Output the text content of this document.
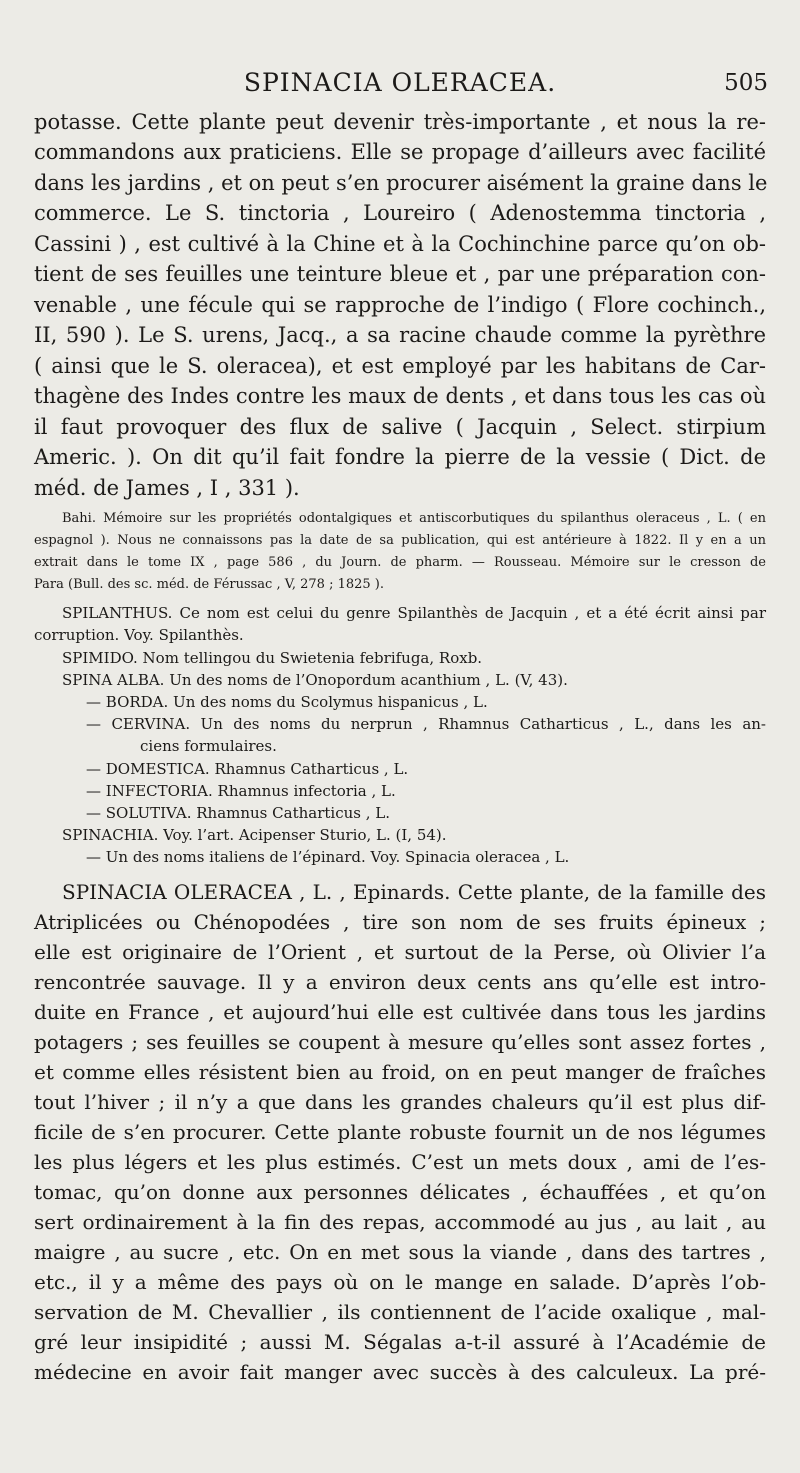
SPINACIA OLERACEA.	505
potasse. Cette plante peut devenir très-importante , et nous la re-
commandons aux praticiens. Elle se propage d’ailleurs avec facilité
dans les jardins , et on peut s’en procurer aisément la graine dans le
commerce. Le S. tinctoria , Loureiro ( Adenostemma tinctoria ,
Cassini ) , est cultivé à la Chine et à la Cochinchine parce qu’on ob-
tient de ses feuilles une teinture bleue et , par une préparation con-
venable , une fécule qui se rapproche de l’indigo ( Flore cochinch.,
II, 590 ). Le S. urens, Jacq., a sa racine chaude comme la pyrèthre
( ainsi que le S. oleracea), et est employé par les habitans de Car-
thagène des Indes contre les maux de dents , et dans tous les cas où
il faut provoquer des flux de salive ( Jacquin , Select. stirpium
Americ. ). On dit qu’il fait fondre la pierre de la vessie ( Dict. de
méd. de James , I , 331 ).
Bahi. Mémoire sur les propriétés odontalgiques et antiscorbutiques du spilanthus oleraceus , L. ( en
espagnol ). Nous ne connaissons pas la date de sa publication, qui est antérieure à 1822. Il y en a un
extrait dans le tome IX , page 586 , du Journ. de pharm. — Rousseau. Mémoire sur le cresson de
Para (Bull. des sc. méd. de Férussac , V, 278 ; 1825 ).
SPILANTHUS. Ce nom est celui du genre Spilanthès de Jacquin , et a été écrit ainsi par
corruption. Voy. Spilanthès.
SPIMIDO. Nom tellingou du Swietenia febrifuga, Roxb.
SPINA ALBA. Un des noms de l’Onopordum acanthium , L. (V, 43).
— BORDA. Un des noms du Scolymus hispanicus , L.
— CERVINA. Un des noms du nerprun , Rhamnus Catharticus , L., dans les an-
ciens formulaires.
— DOMESTICA. Rhamnus Catharticus , L.
— INFECTORIA. Rhamnus infectoria , L.
— SOLUTIVA. Rhamnus Catharticus , L.
SPINACHIA. Voy. l’art. Acipenser Sturio, L. (I, 54).
— Un des noms italiens de l’épinard. Voy. Spinacia oleracea , L.
SPINACIA OLERACEA , L. , Epinards. Cette plante, de la famille des
Atriplicées ou Chénopodées , tire son nom de ses fruits épineux ;
elle est originaire de l’Orient , et surtout de la Perse, où Olivier l’a
rencontrée sauvage. Il y a environ deux cents ans qu’elle est intro-
duite en France , et aujourd’hui elle est cultivée dans tous les jardins
potagers ; ses feuilles se coupent à mesure qu’elles sont assez fortes ,
et comme elles résistent bien au froid, on en peut manger de fraîches
tout l’hiver ; il n’y a que dans les grandes chaleurs qu’il est plus dif-
ficile de s’en procurer. Cette plante robuste fournit un de nos légumes
les plus légers et les plus estimés. C’est un mets doux , ami de l’es-
tomac, qu’on donne aux personnes délicates , échauffées , et qu’on
sert ordinairement à la fin des repas, accommodé au jus , au lait , au
maigre , au sucre , etc. On en met sous la viande , dans des tartres ,
etc., il y a même des pays où on le mange en salade. D’après l’ob-
servation de M. Chevallier , ils contiennent de l’acide oxalique , mal-
gré leur insipidité ; aussi M. Ségalas a-t-il assuré à l’Académie de
médecine en avoir fait manger avec succès à des calculeux. La pré-
